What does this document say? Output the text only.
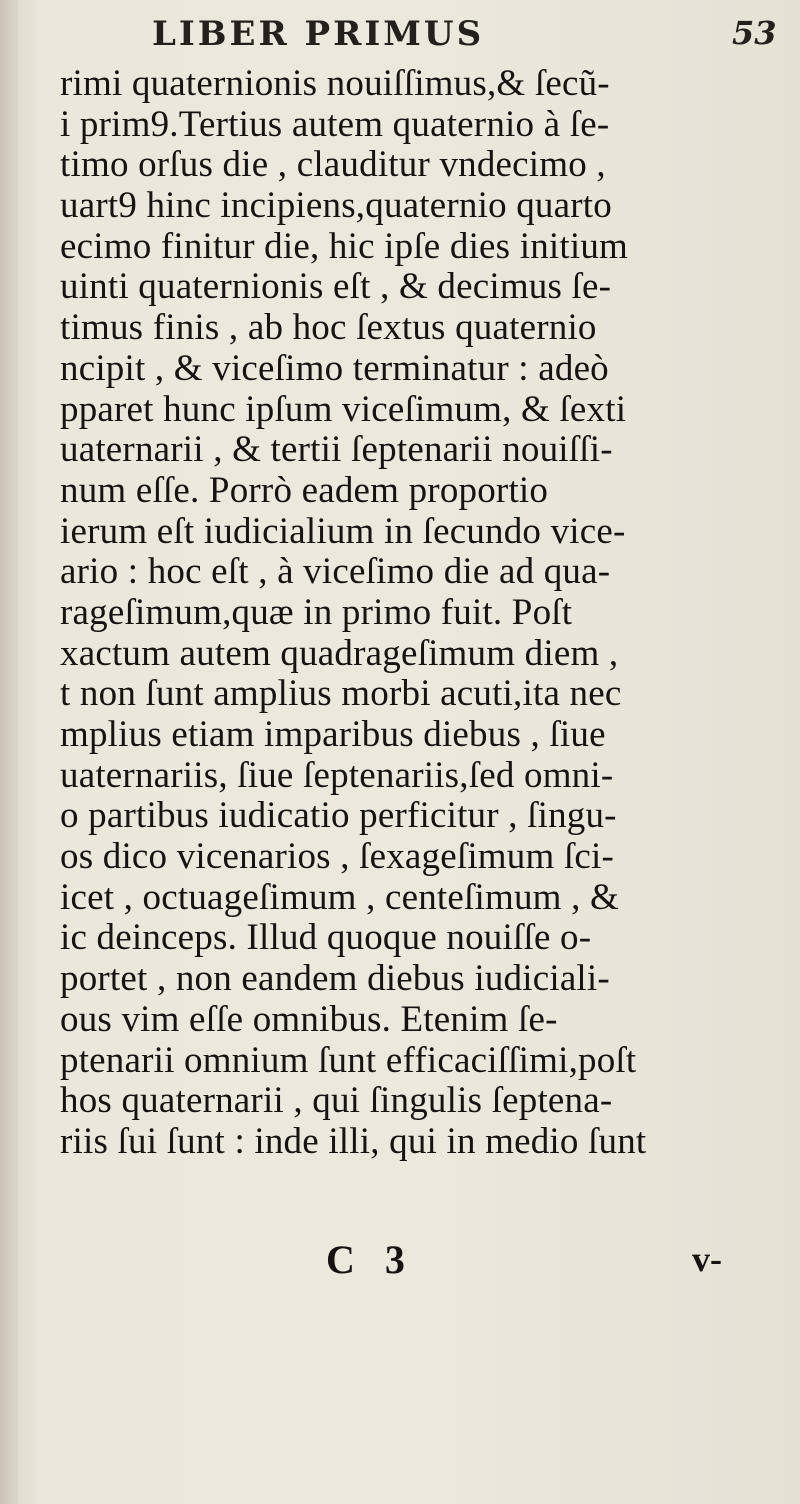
LIBER PRIMUS	53
rimi quaternionis nouiſſimus,& ſecũ-
i prim9.Tertius autem quaternio à ſe-
timo orſus die , clauditur vndecimo ,
uart9 hinc incipiens,quaternio quarto
ecimo finitur die, hic ipſe dies initium
uinti quaternionis eſt , & decimus ſe-
timus finis , ab hoc ſextus quaternio
ncipit , & viceſimo terminatur : adeò
pparet hunc ipſum viceſimum, & ſexti
uaternarii , & tertii ſeptenarii nouiſſi-
num eſſe. Porrò eadem proportio
ierum eſt iudicialium in ſecundo vice-
ario : hoc eſt , à viceſimo die ad qua-
rageſimum,quæ in primo fuit. Poſt
xactum autem quadrageſimum diem ,
t non ſunt amplius morbi acuti,ita nec
mplius etiam imparibus diebus , ſiue
uaternariis, ſiue ſeptenariis,ſed omni-
o partibus iudicatio perficitur , ſingu-
os dico vicenarios , ſexageſimum ſci-
icet , octuageſimum , centeſimum , &
ic deinceps. Illud quoque nouiſſe o-
portet , non eandem diebus iudiciali-
ous vim eſſe omnibus. Etenim ſe-
ptenarii omnium ſunt efficaciſſimi,poſt
hos quaternarii , qui ſingulis ſeptena-
riis ſui ſunt : inde illi, qui in medio ſunt
C 3	v-
